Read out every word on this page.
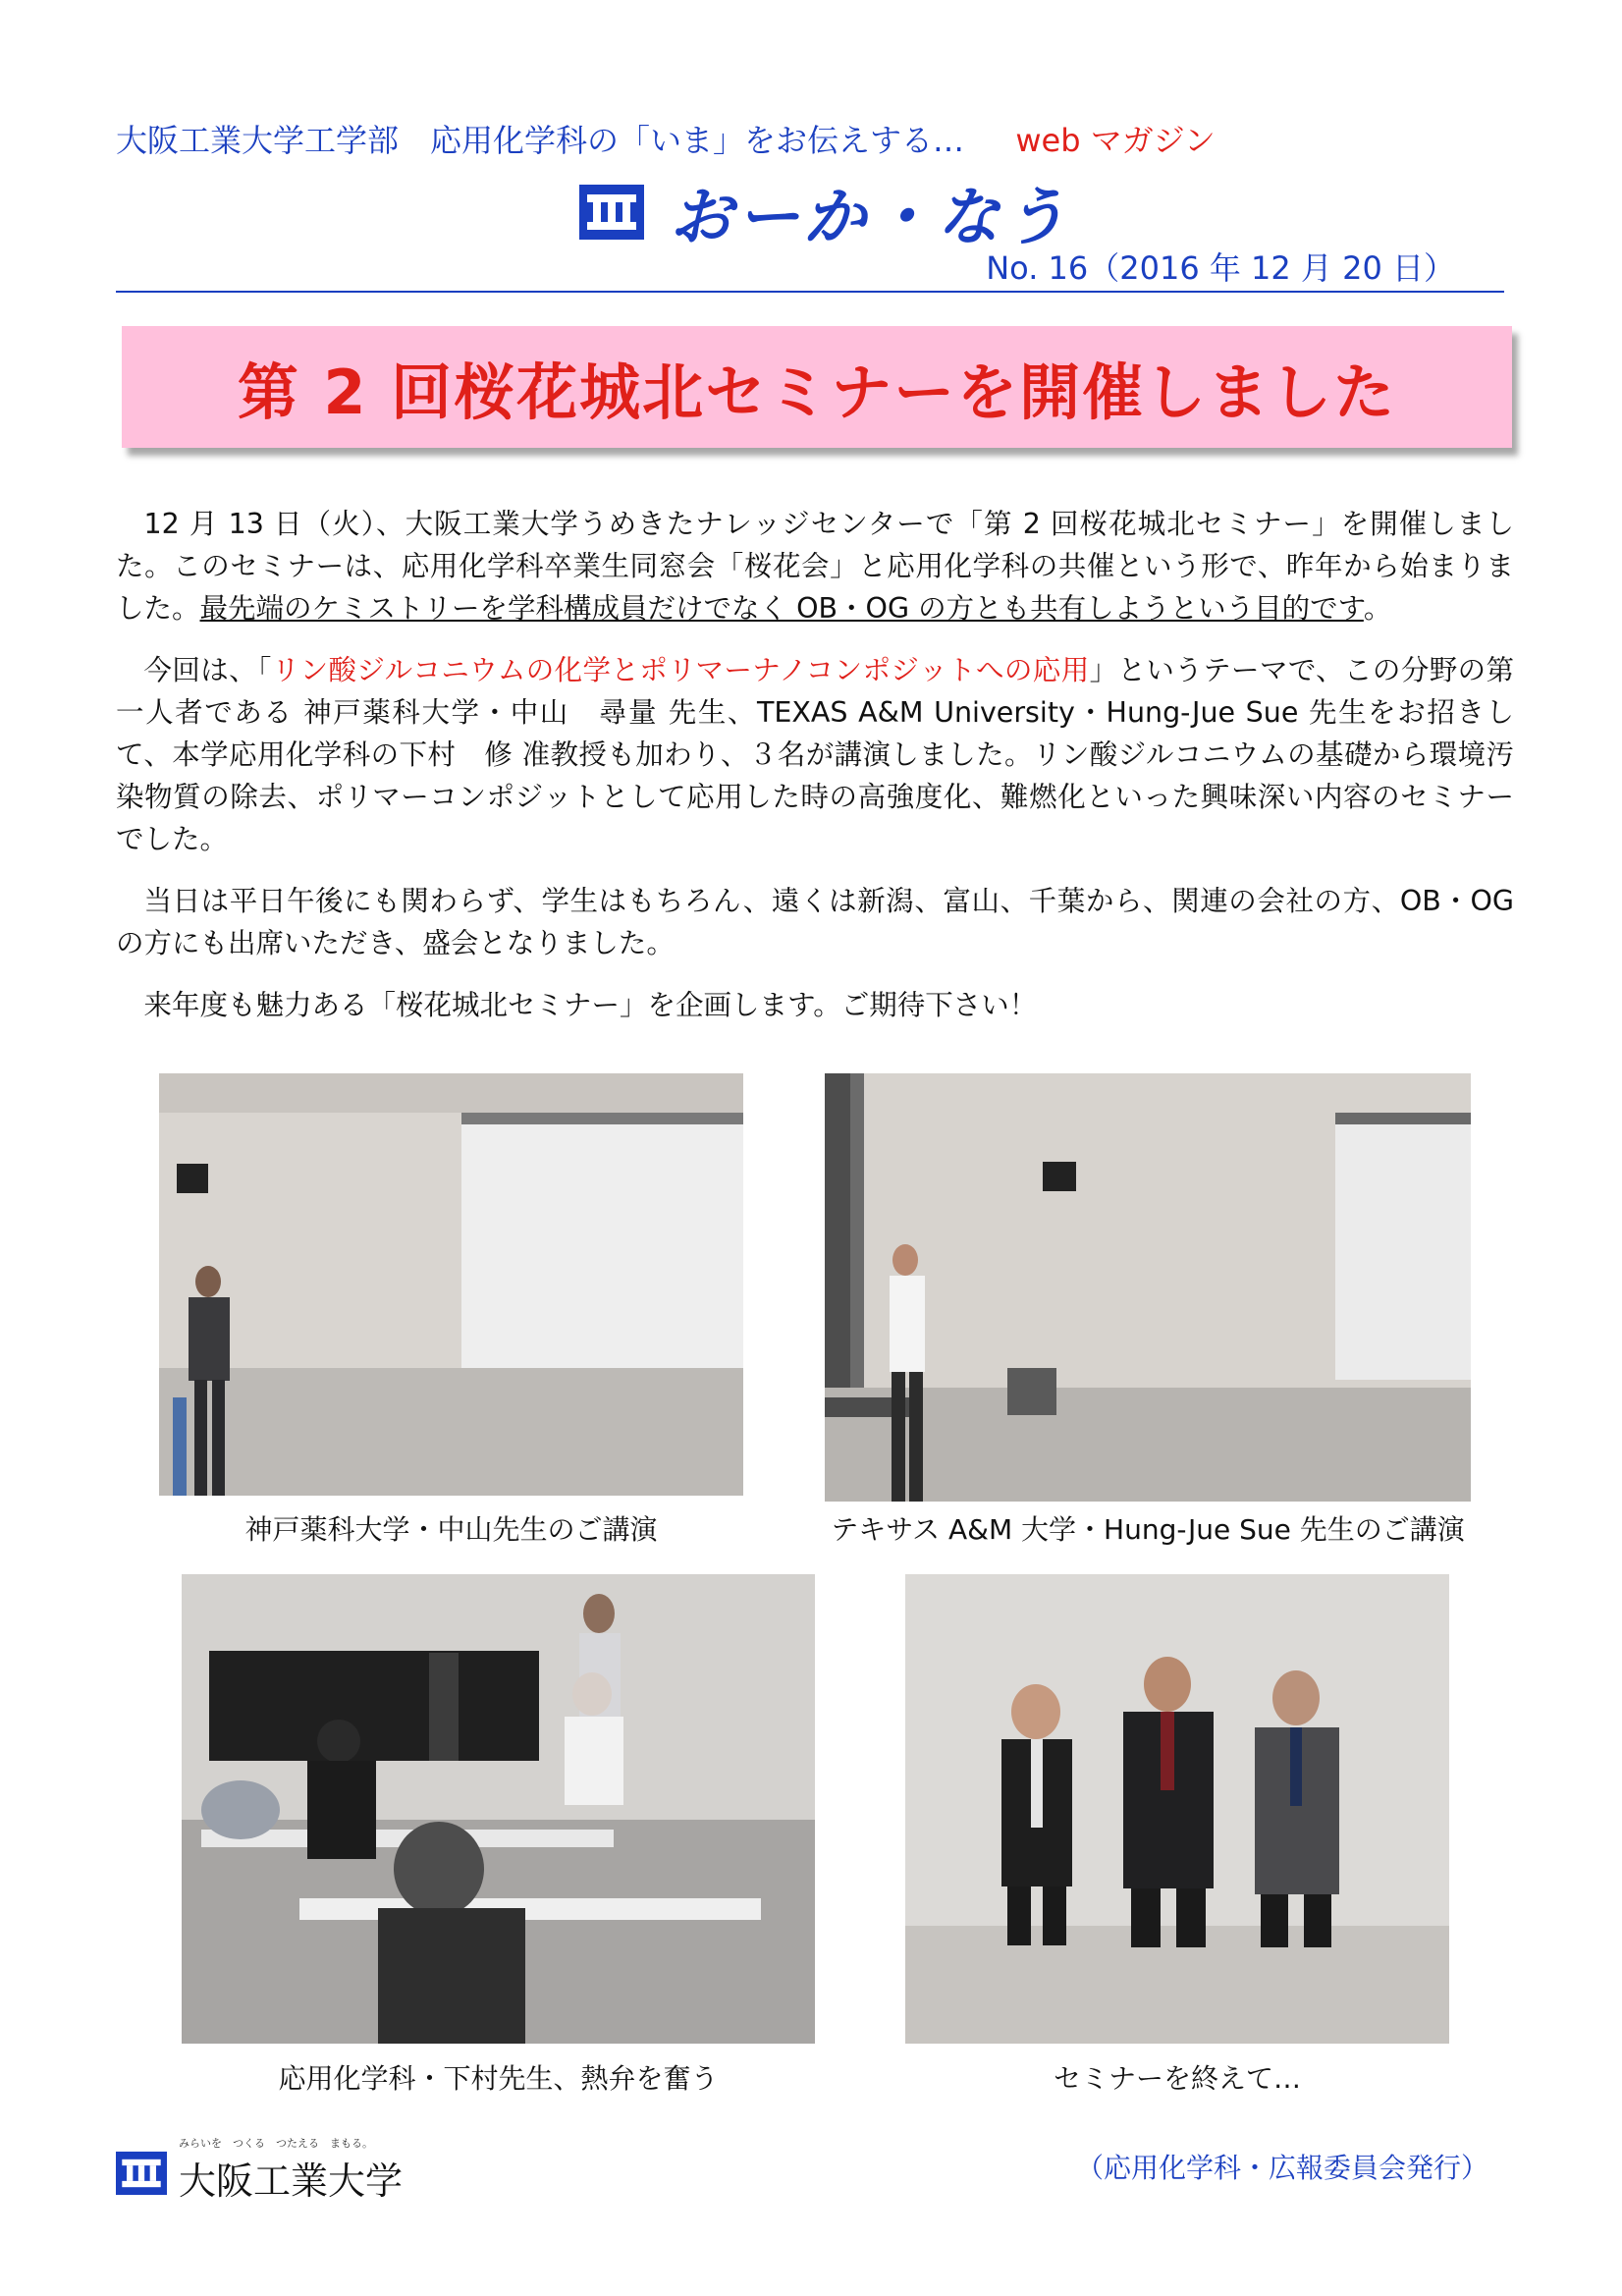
大阪工業大学工学部　応用化学科の「いま」をお伝えする… 　 web マガジン
おーか・なう
No. 16（2016 年 12 月 20 日）
第 2 回桜花城北セミナーを開催しました

12 月 13 日（火）、大阪工業大学うめきたナレッジセンターで「第 2 回桜花城北セミナー」を開催しました。このセミナーは、応用化学科卒業生同窓会「桜花会」と応用化学科の共催という形で、昨年から始まりました。最先端のケミストリーを学科構成員だけでなく OB・OG の方とも共有しようという目的です。

今回は、「リン酸ジルコニウムの化学とポリマーナノコンポジットへの応用」というテーマで、この分野の第一人者である 神戸薬科大学・中山　尋量 先生、TEXAS A&M University・Hung-Jue Sue 先生をお招きして、本学応用化学科の下村　修 准教授も加わり、３名が講演しました。リン酸ジルコニウムの基礎から環境汚染物質の除去、ポリマーコンポジットとして応用した時の高強度化、難燃化といった興味深い内容のセミナーでした。

当日は平日午後にも関わらず、学生はもちろん、遠くは新潟、富山、千葉から、関連の会社の方、OB・OG の方にも出席いただき、盛会となりました。

来年度も魅力ある「桜花城北セミナー」を企画します。ご期待下さい！

神戸薬科大学・中山先生のご講演	テキサス A&M 大学・Hung-Jue Sue 先生のご講演
応用化学科・下村先生、熱弁を奮う	セミナーを終えて…
みらいを　つくる　つたえる　まもる。
大阪工業大学	（応用化学科・広報委員会発行）
